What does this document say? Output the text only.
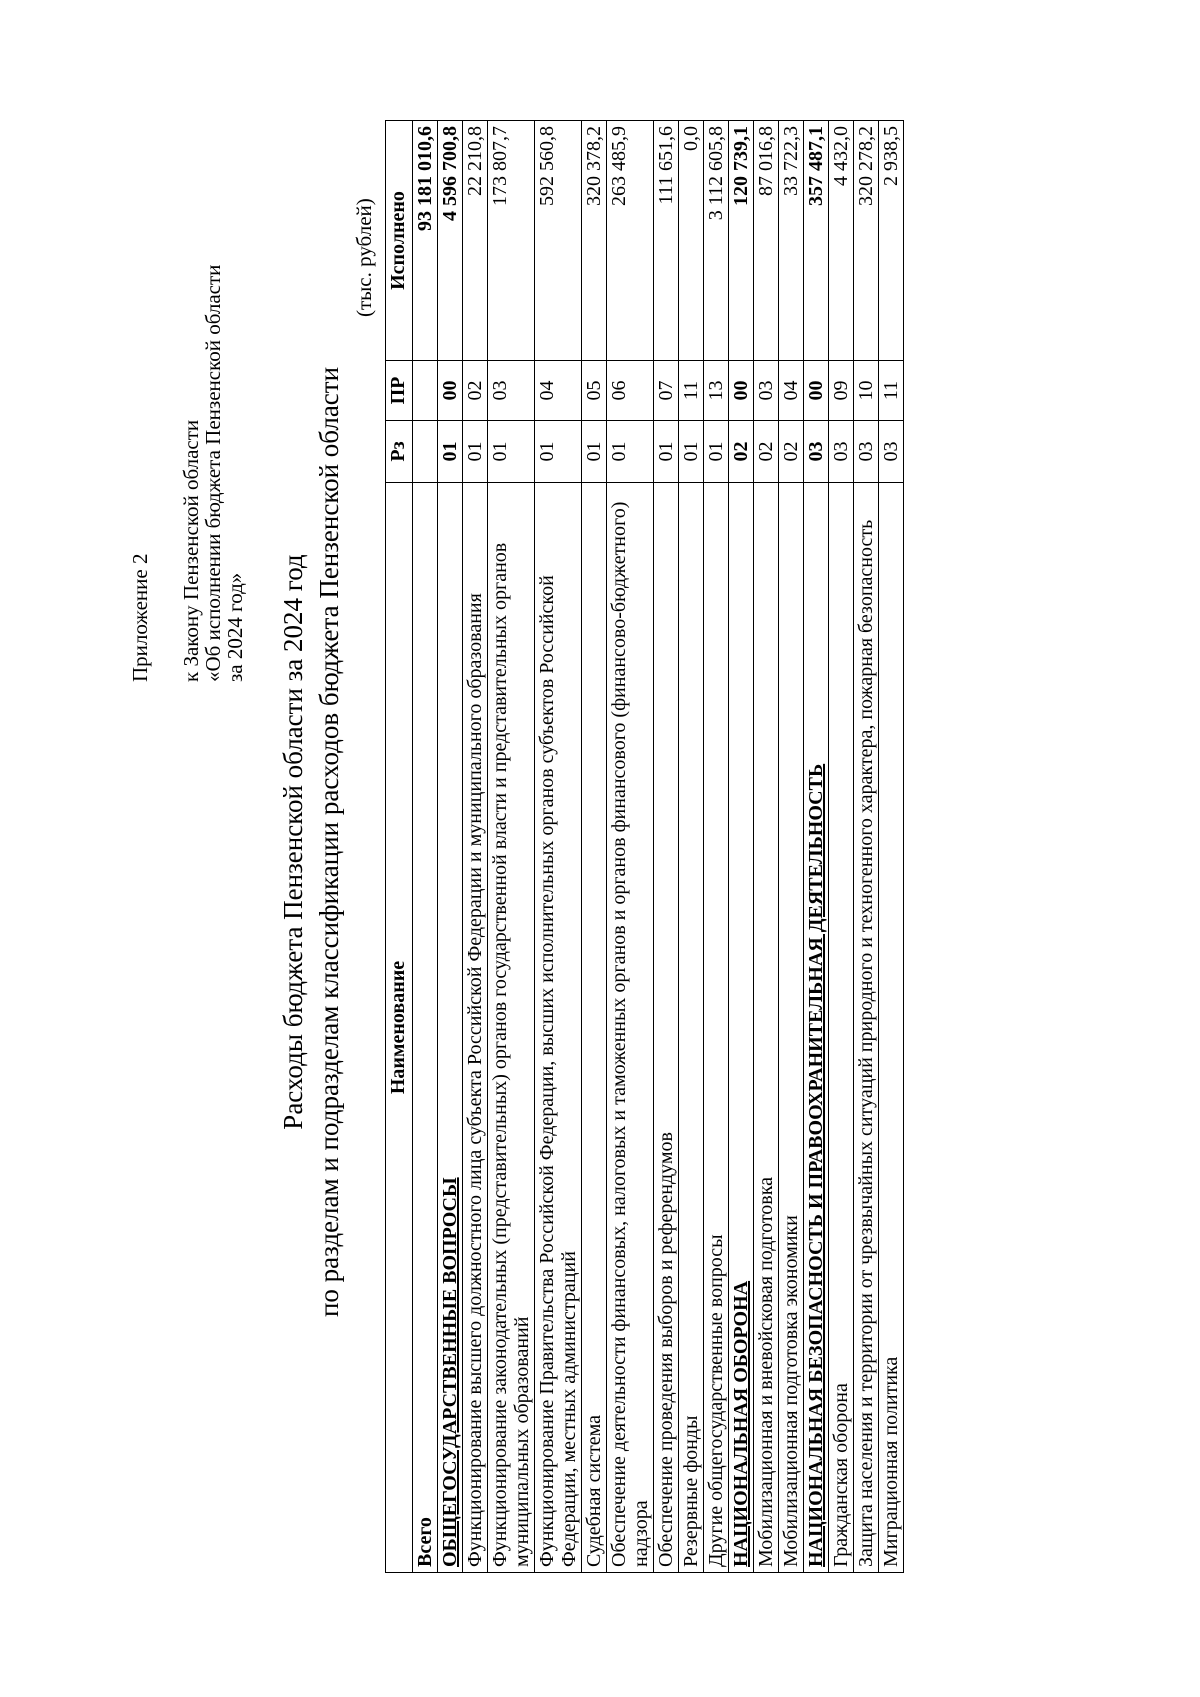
Приложение 2 к Закону Пензенской области
«Об исполнении бюджета Пензенской области
за 2024 год» Расходы бюджета Пензенской области за 2024 год по разделам и подразделам классификации расходов бюджета Пензенской области
(тыс. рублей)
Наименование	Рз	ПР	Исполнено
Всего			93 181 010,6
ОБЩЕГОСУДАРСТВЕННЫЕ ВОПРОСЫ	01	00	4 596 700,8
Функционирование высшего должностного лица субъекта Российской Федерации и муниципального образования	01	02	22 210,8
Функционирование законодательных (представительных) органов государственной власти и представительных органов муниципальных образований	01	03	173 807,7
Функционирование Правительства Российской Федерации, высших исполнительных органов субъектов Российской Федерации, местных администраций	01	04	592 560,8
Судебная система	01	05	320 378,2
Обеспечение деятельности финансовых, налоговых и таможенных органов и органов финансового (финансово-бюджетного) надзора	01	06	263 485,9
Обеспечение проведения выборов и референдумов	01	07	111 651,6
Резервные фонды	01	11	0,0
Другие общегосударственные вопросы	01	13	3 112 605,8
НАЦИОНАЛЬНАЯ ОБОРОНА	02	00	120 739,1
Мобилизационная и вневойсковая подготовка	02	03	87 016,8
Мобилизационная подготовка экономики	02	04	33 722,3
НАЦИОНАЛЬНАЯ БЕЗОПАСНОСТЬ И ПРАВООХРАНИТЕЛЬНАЯ ДЕЯТЕЛЬНОСТЬ	03	00	357 487,1
Гражданская оборона	03	09	4 432,0
Защита населения и территории от чрезвычайных ситуаций природного и техногенного характера, пожарная безопасность	03	10	320 278,2
Миграционная политика	03	11	2 938,5
